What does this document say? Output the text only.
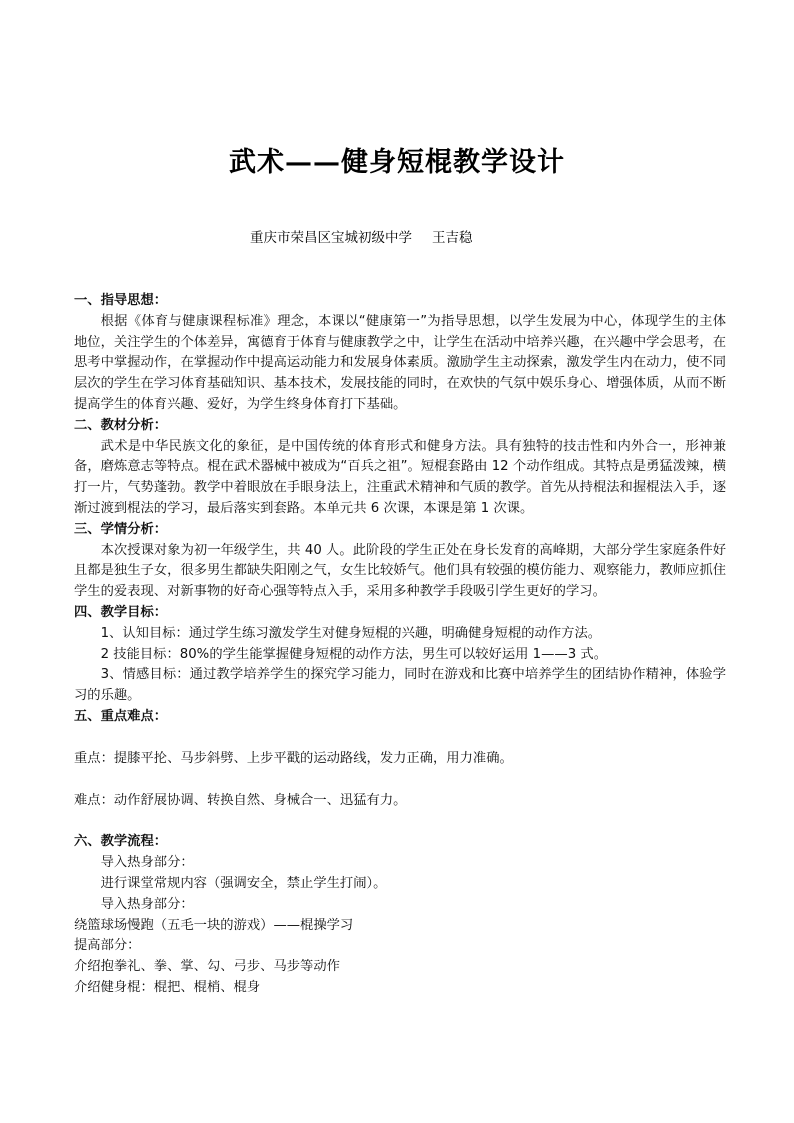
武术——健身短棍教学设计
重庆市荣昌区宝城初级中学 王吉稳

一、指导思想：

根据《体育与健康课程标准》理念，本课以“健康第一”为指导思想，以学生发展为中心，体现学生的主体地位，关注学生的个体差异，寓德育于体育与健康教学之中，让学生在活动中培养兴趣，在兴趣中学会思考，在思考中掌握动作，在掌握动作中提高运动能力和发展身体素质。激励学生主动探索，激发学生内在动力，使不同层次的学生在学习体育基础知识、基本技术，发展技能的同时，在欢快的气氛中娱乐身心、增强体质，从而不断提高学生的体育兴趣、爱好，为学生终身体育打下基础。

二、教材分析：

武术是中华民族文化的象征，是中国传统的体育形式和健身方法。具有独特的技击性和内外合一，形神兼备，磨炼意志等特点。棍在武术器械中被成为“百兵之祖”。短棍套路由 12 个动作组成。其特点是勇猛泼辣，横打一片，气势蓬勃。教学中着眼放在手眼身法上，注重武术精神和气质的教学。首先从持棍法和握棍法入手，逐渐过渡到棍法的学习，最后落实到套路。本单元共 6 次课，本课是第 1 次课。

三、学情分析：

本次授课对象为初一年级学生，共 40 人。此阶段的学生正处在身长发育的高峰期，大部分学生家庭条件好且都是独生子女，很多男生都缺失阳刚之气，女生比较娇气。他们具有较强的模仿能力、观察能力，教师应抓住学生的爱表现、对新事物的好奇心强等特点入手，采用多种教学手段吸引学生更好的学习。

四、教学目标：

1、认知目标：通过学生练习激发学生对健身短棍的兴趣，明确健身短棍的动作方法。

2 技能目标：80%的学生能掌握健身短棍的动作方法，男生可以较好运用 1——3 式。

3、情感目标：通过教学培养学生的探究学习能力，同时在游戏和比赛中培养学生的团结协作精神，体验学习的乐趣。

五、重点难点：

重点：提膝平抡、马步斜劈、上步平戳的运动路线，发力正确，用力准确。

难点：动作舒展协调、转换自然、身械合一、迅猛有力。

六、教学流程：

导入热身部分：

进行课堂常规内容（强调安全，禁止学生打闹）。

导入热身部分：

绕篮球场慢跑（五毛一块的游戏）——棍操学习

提高部分：

介绍抱拳礼、拳、掌、勾、弓步、马步等动作

介绍健身棍：棍把、棍梢、棍身
